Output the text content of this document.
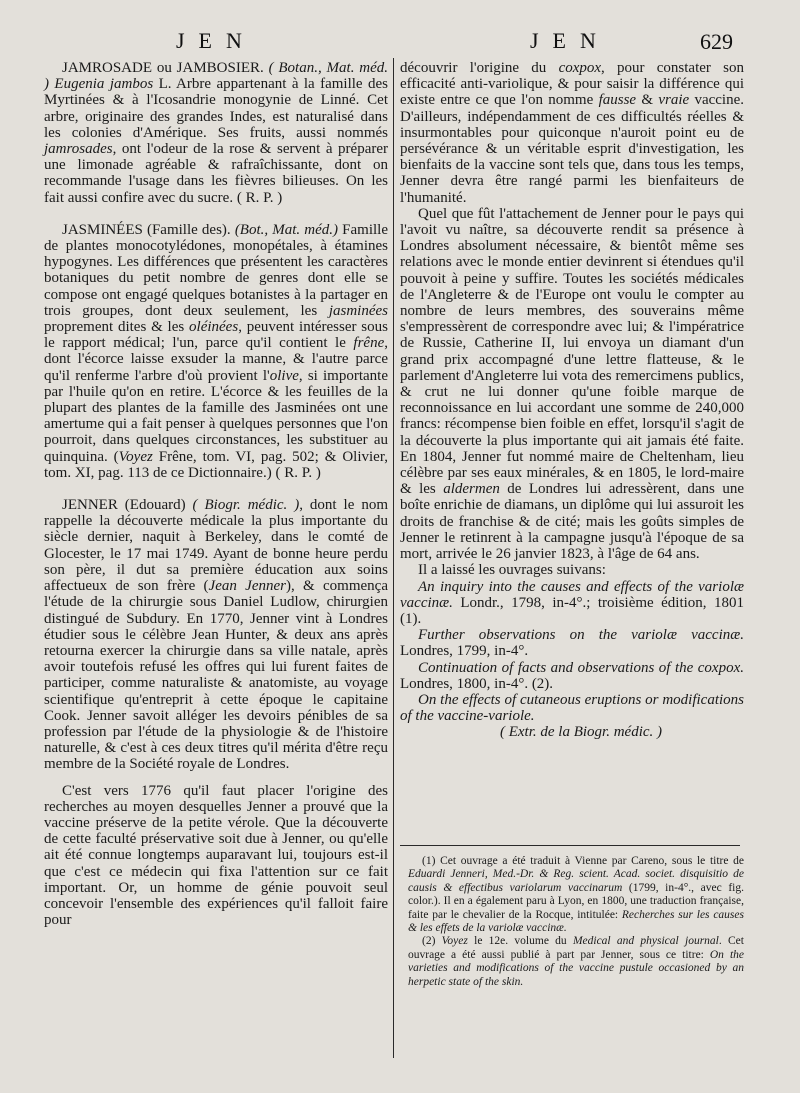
JEN	JEN	629

JAMROSADE ou JAMBOSIER. ( Botan., Mat. méd. ) Eugenia jambos L. Arbre appartenant à la famille des Myrtinées & à l'Icosandrie monogynie de Linné. Cet arbre, originaire des grandes Indes, est naturalisé dans les colonies d'Amérique. Ses fruits, aussi nommés jamrosades, ont l'odeur de la rose & servent à préparer une limonade agréable & rafraîchissante, dont on recommande l'usage dans les fièvres bilieuses. On les fait aussi confire avec du sucre. ( R. P. )

JASMINÉES (Famille des). (Bot., Mat. méd.) Famille de plantes monocotylédones, monopétales, à étamines hypogynes. Les différences que présentent les caractères botaniques du petit nombre de genres dont elle se compose ont engagé quelques botanistes à la partager en trois groupes, dont deux seulement, les jasminées proprement dites & les oléinées, peuvent intéresser sous le rapport médical; l'un, parce qu'il contient le frêne, dont l'écorce laisse exsuder la manne, & l'autre parce qu'il renferme l'arbre d'où provient l'olive, si importante par l'huile qu'on en retire. L'écorce & les feuilles de la plupart des plantes de la famille des Jasminées ont une amertume qui a fait penser à quelques personnes que l'on pourroit, dans quelques circonstances, les substituer au quinquina. (Voyez Frêne, tom. VI, pag. 502; & Olivier, tom. XI, pag. 113 de ce Dictionnaire.) ( R. P. )

JENNER (Edouard) ( Biogr. médic. ), dont le nom rappelle la découverte médicale la plus importante du siècle dernier, naquit à Berkeley, dans le comté de Glocester, le 17 mai 1749. Ayant de bonne heure perdu son père, il dut sa première éducation aux soins affectueux de son frère (Jean Jenner), & commença l'étude de la chirurgie sous Daniel Ludlow, chirurgien distingué de Subdury. En 1770, Jenner vint à Londres étudier sous le célèbre Jean Hunter, & deux ans après retourna exercer la chirurgie dans sa ville natale, après avoir toutefois refusé les offres qui lui furent faites de participer, comme naturaliste & anatomiste, au voyage scientifique qu'entreprit à cette époque le capitaine Cook. Jenner savoit alléger les devoirs pénibles de sa profession par l'étude de la physiologie & de l'histoire naturelle, & c'est à ces deux titres qu'il mérita d'être reçu membre de la Société royale de Londres.

C'est vers 1776 qu'il faut placer l'origine des recherches au moyen desquelles Jenner a prouvé que la vaccine préserve de la petite vérole. Que la découverte de cette faculté préservative soit due à Jenner, ou qu'elle ait été connue longtemps auparavant lui, toujours est-il que c'est ce médecin qui fixa l'attention sur ce fait important. Or, un homme de génie pouvoit seul concevoir l'ensemble des expériences qu'il falloit faire pour

découvrir l'origine du coxpox, pour constater son efficacité anti-variolique, & pour saisir la différence qui existe entre ce que l'on nomme fausse & vraie vaccine. D'ailleurs, indépendamment de ces difficultés réelles & insurmontables pour quiconque n'auroit point eu de persévérance & un véritable esprit d'investigation, les bienfaits de la vaccine sont tels que, dans tous les temps, Jenner devra être rangé parmi les bienfaiteurs de l'humanité.

Quel que fût l'attachement de Jenner pour le pays qui l'avoit vu naître, sa découverte rendit sa présence à Londres absolument nécessaire, & bientôt même ses relations avec le monde entier devinrent si étendues qu'il pouvoit à peine y suffire. Toutes les sociétés médicales de l'Angleterre & de l'Europe ont voulu le compter au nombre de leurs membres, des souverains même s'empressèrent de correspondre avec lui; & l'impératrice de Russie, Catherine II, lui envoya un diamant d'un grand prix accompagné d'une lettre flatteuse, & le parlement d'Angleterre lui vota des remercimens publics, & crut ne lui donner qu'une foible marque de reconnoissance en lui accordant une somme de 240,000 francs: récompense bien foible en effet, lorsqu'il s'agit de la découverte la plus importante qui ait jamais été faite. En 1804, Jenner fut nommé maire de Cheltenham, lieu célèbre par ses eaux minérales, & en 1805, le lord-maire & les aldermen de Londres lui adressèrent, dans une boîte enrichie de diamans, un diplôme qui lui assuroit les droits de franchise & de cité; mais les goûts simples de Jenner le retinrent à la campagne jusqu'à l'époque de sa mort, arrivée le 26 janvier 1823, à l'âge de 64 ans.

Il a laissé les ouvrages suivans:

An inquiry into the causes and effects of the variolæ vaccinæ. Londr., 1798, in-4°.; troisième édition, 1801 (1).

Further observations on the variolæ vaccinæ. Londres, 1799, in-4°.

Continuation of facts and observations of the coxpox. Londres, 1800, in-4°. (2).

On the effects of cutaneous eruptions or modifications of the vaccine-variole.

( Extr. de la Biogr. médic. )

(1) Cet ouvrage a été traduit à Vienne par Careno, sous le titre de Eduardi Jenneri, Med.-Dr. & Reg. scient. Acad. societ. disquisitio de causis & effectibus variolarum vaccinarum (1799, in-4°., avec fig. color.). Il en a également paru à Lyon, en 1800, une traduction française, faite par le chevalier de la Rocque, intitulée: Recherches sur les causes & les effets de la variolæ vaccinæ.

(2) Voyez le 12e. volume du Medical and physical journal. Cet ouvrage a été aussi publié à part par Jenner, sous ce titre: On the varieties and modifications of the vaccine pustule occasioned by an herpetic state of the skin.
